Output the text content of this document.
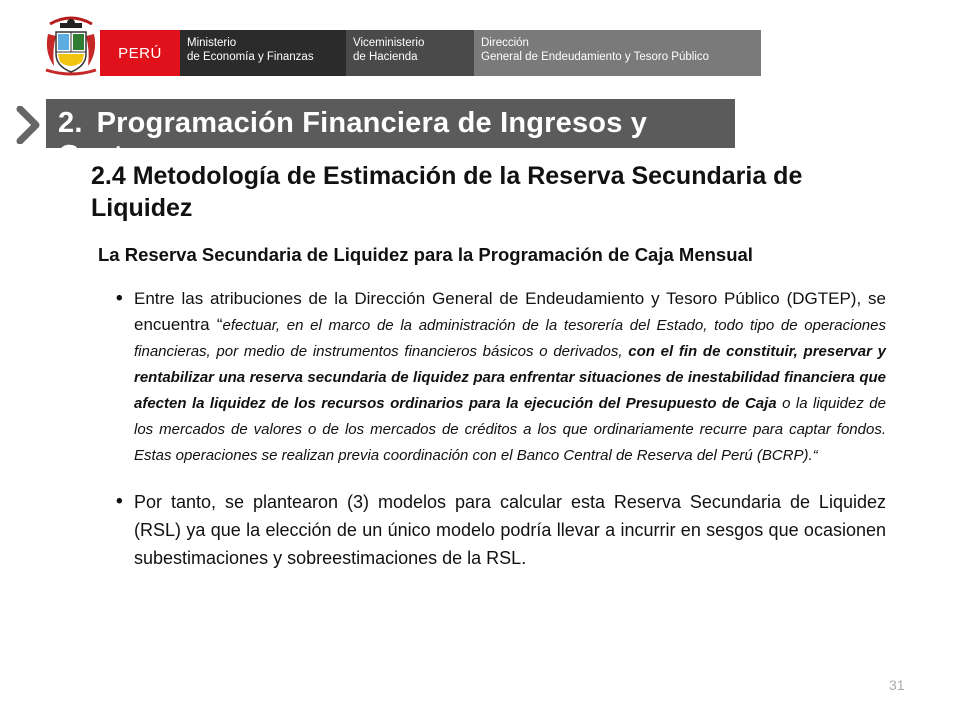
PERÚ
Ministerio
de Economía y Finanzas
Viceministerio
de Hacienda
Dirección
General de Endeudamiento y Tesoro Público
2. Programación Financiera de Ingresos y Gastos
2.4 Metodología de Estimación de la Reserva Secundaria de Liquidez
La Reserva Secundaria de Liquidez para la Programación de Caja Mensual
• Entre las atribuciones de la Dirección General de Endeudamiento y Tesoro Público (DGTEP), se encuentra “efectuar, en el marco de la administración de la tesorería del Estado, todo tipo de operaciones financieras, por medio de instrumentos financieros básicos o derivados, con el fin de constituir, preservar y rentabilizar una reserva secundaria de liquidez para enfrentar situaciones de inestabilidad financiera que afecten la liquidez de los recursos ordinarios para la ejecución del Presupuesto de Caja o la liquidez de los mercados de valores o de los mercados de créditos a los que ordinariamente recurre para captar fondos. Estas operaciones se realizan previa coordinación con el Banco Central de Reserva del Perú (BCRP).“
• Por tanto, se plantearon (3) modelos para calcular esta Reserva Secundaria de Liquidez (RSL) ya que la elección de un único modelo podría llevar a incurrir en sesgos que ocasionen subestimaciones y sobreestimaciones de la RSL.
31
